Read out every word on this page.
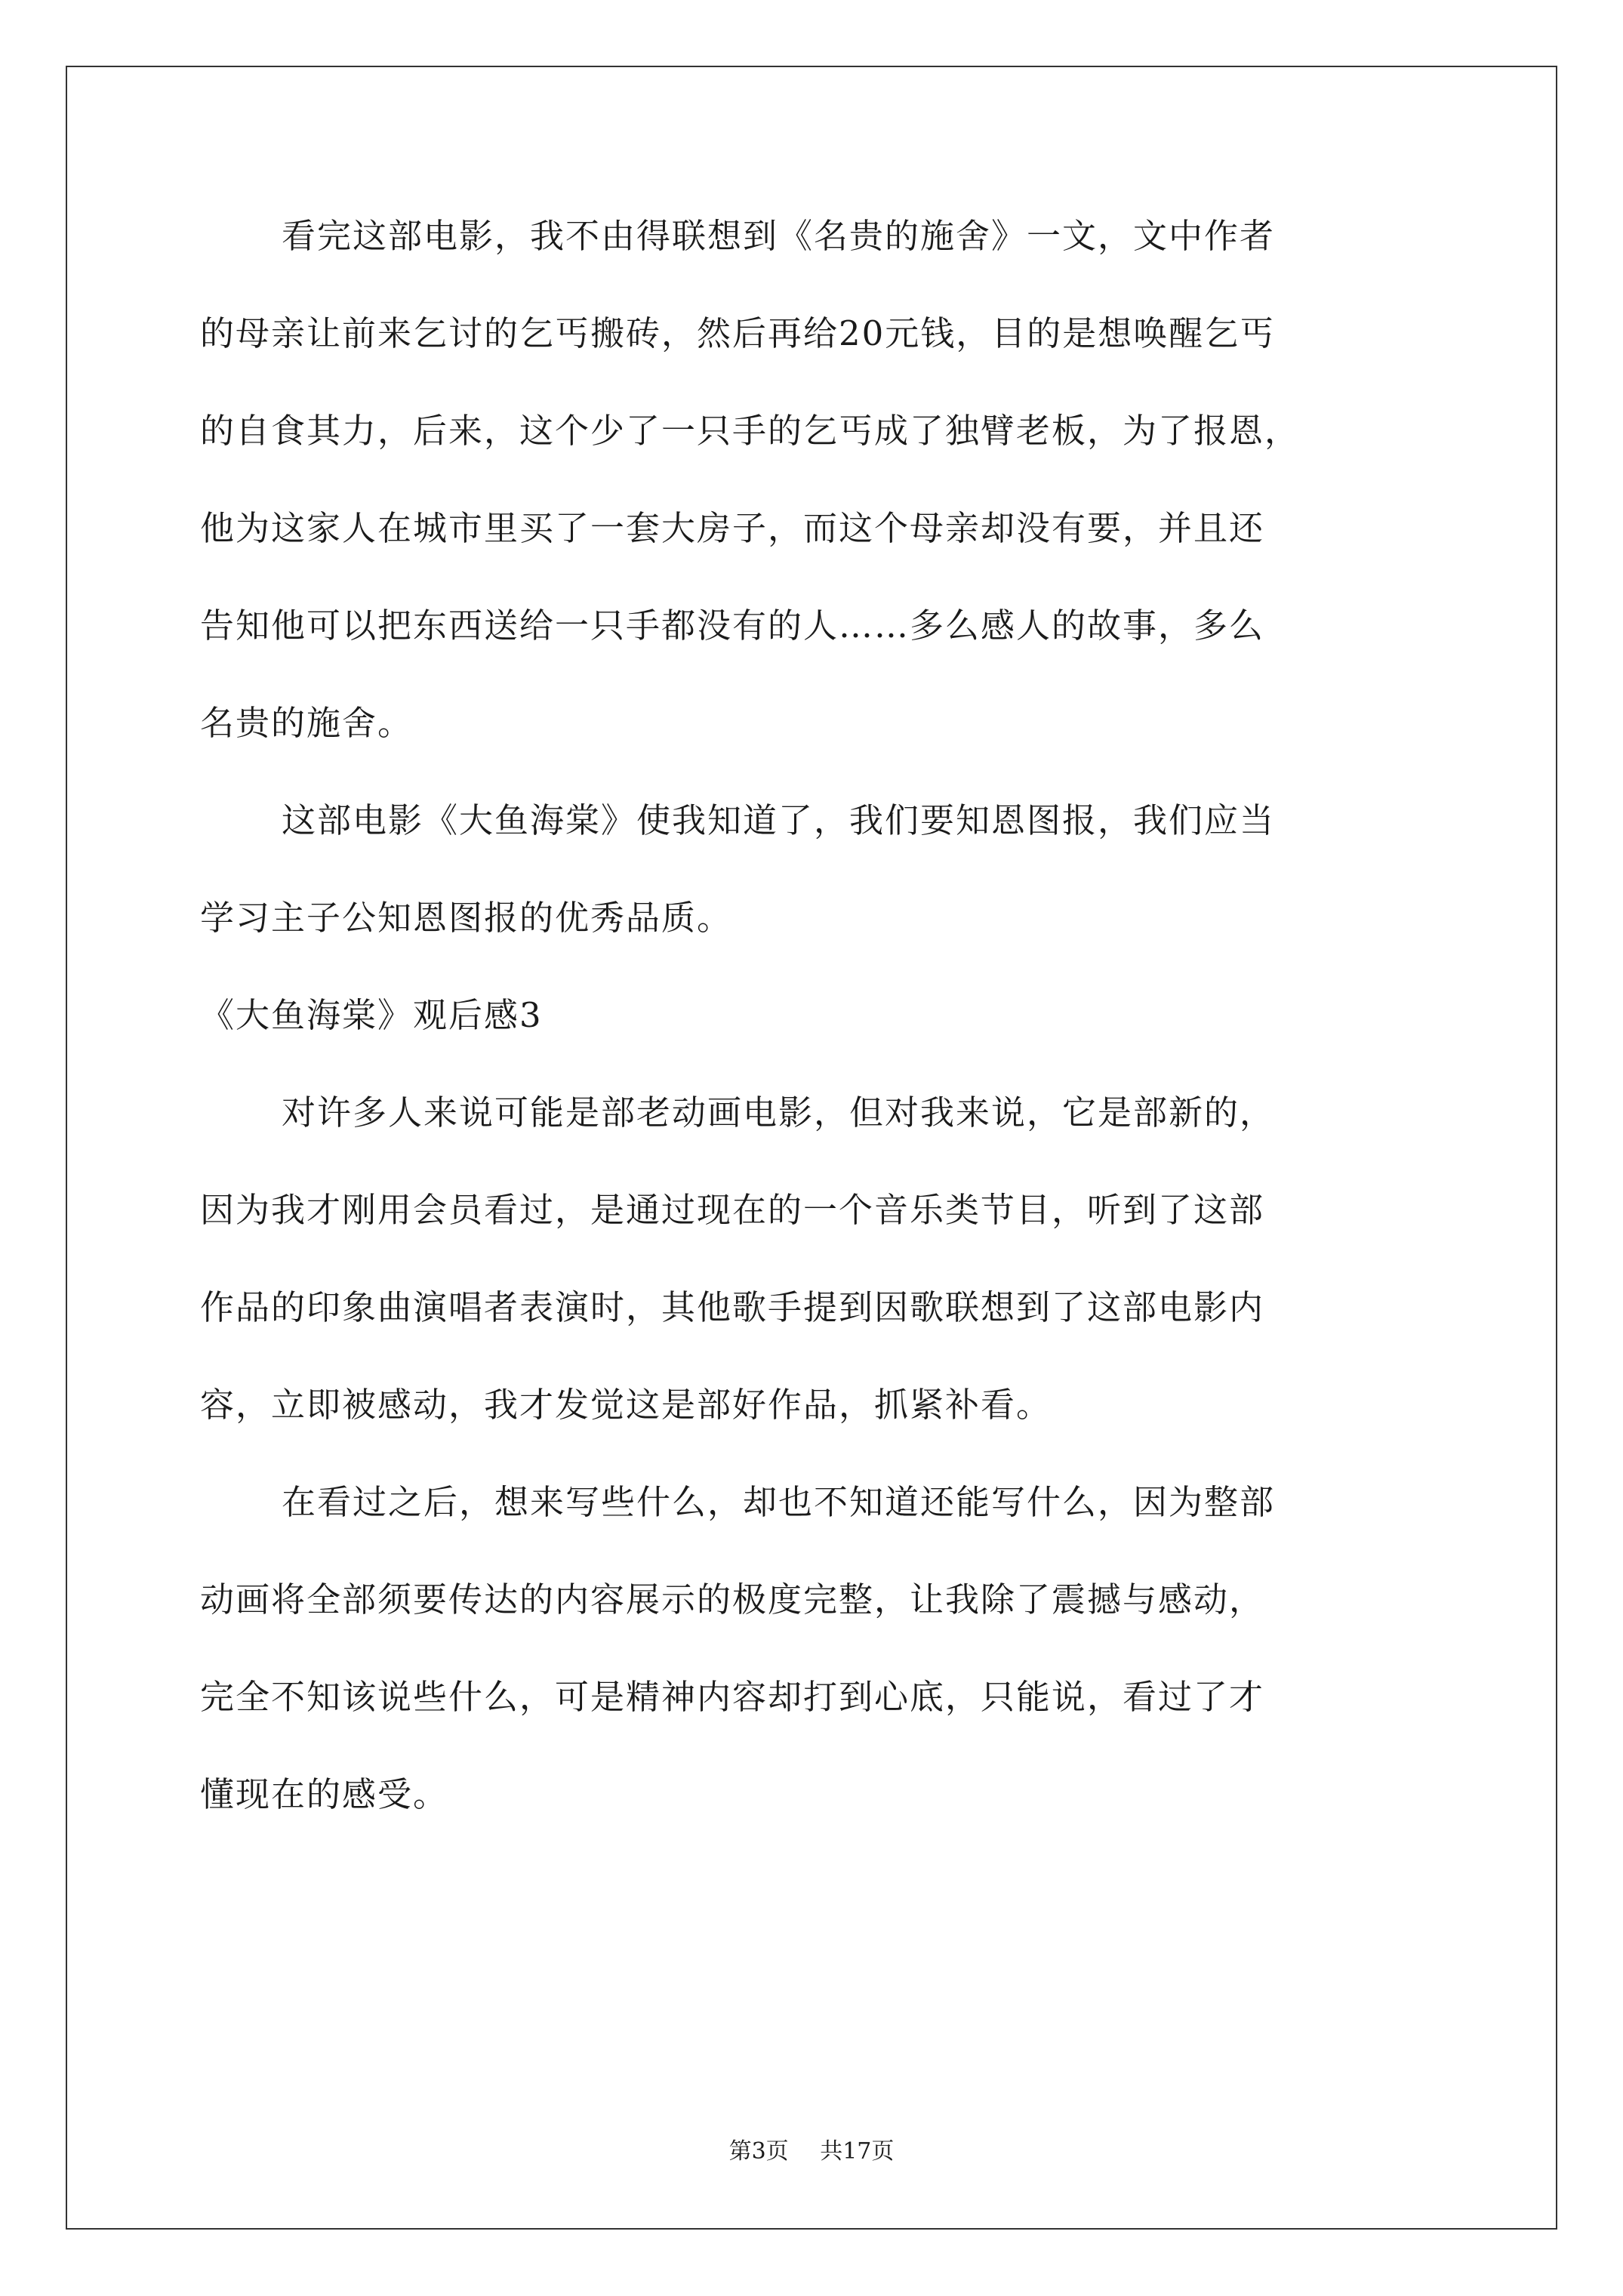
看完这部电影，我不由得联想到《名贵的施舍》一文，文中作者
的母亲让前来乞讨的乞丐搬砖，然后再给20元钱，目的是想唤醒乞丐
的自食其力，后来，这个少了一只手的乞丐成了独臂老板，为了报恩，
他为这家人在城市里买了一套大房子，而这个母亲却没有要，并且还
告知他可以把东西送给一只手都没有的人……多么感人的故事，多么
名贵的施舍。
这部电影《大鱼海棠》使我知道了，我们要知恩图报，我们应当
学习主子公知恩图报的优秀品质。
《大鱼海棠》观后感3
对许多人来说可能是部老动画电影，但对我来说，它是部新的，
因为我才刚用会员看过，是通过现在的一个音乐类节目，听到了这部
作品的印象曲演唱者表演时，其他歌手提到因歌联想到了这部电影内
容，立即被感动，我才发觉这是部好作品，抓紧补看。
在看过之后，想来写些什么，却也不知道还能写什么，因为整部
动画将全部须要传达的内容展示的极度完整，让我除了震撼与感动，
完全不知该说些什么，可是精神内容却打到心底，只能说，看过了才
懂现在的感受。
第3页 共17页
